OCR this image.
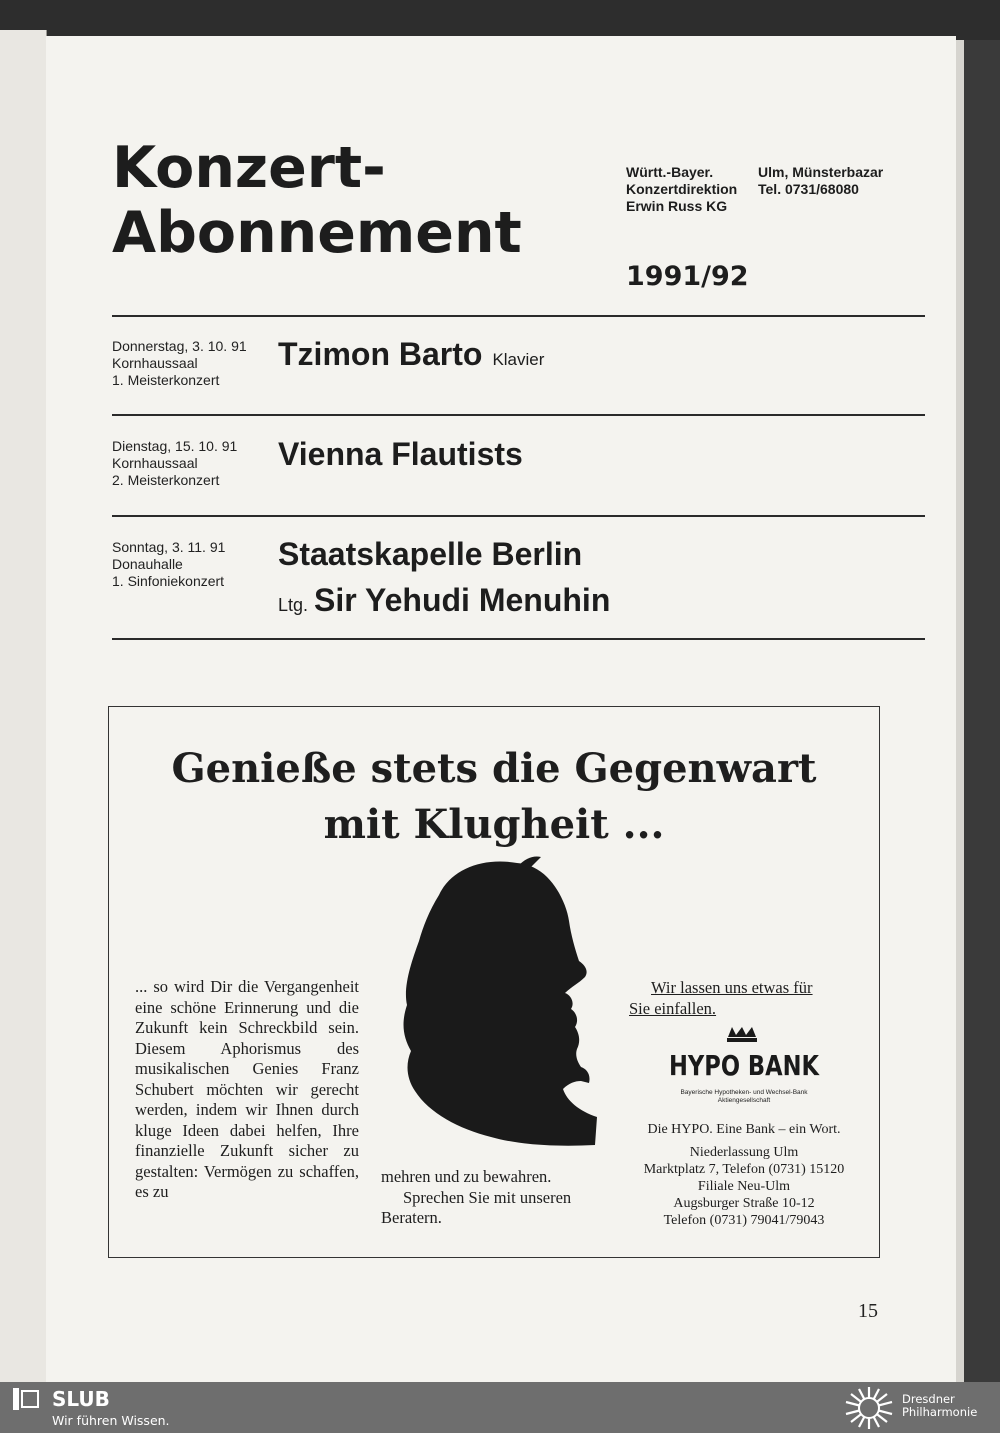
Konzert-
Abonnement
Württ.-Bayer.
Konzertdirektion
Erwin Russ KG
Ulm, Münsterbazar
Tel. 0731/68080
1991/92
Donnerstag, 3. 10. 91
Kornhaussaal
1. Meisterkonzert
Tzimon Barto Klavier
Dienstag, 15. 10. 91
Kornhaussaal
2. Meisterkonzert
Vienna Flautists
Sonntag, 3. 11. 91
Donauhalle
1. Sinfoniekonzert
Staatskapelle Berlin
Ltg. Sir Yehudi Menuhin
Genieße stets die Gegenwart
mit Klugheit ...
... so wird Dir die Vergangenheit eine schöne Erinnerung und die Zukunft kein Schreckbild sein. Diesem Aphorismus des musikalischen Genies Franz Schubert möchten wir gerecht werden, indem wir Ihnen durch kluge Ideen dabei helfen, Ihre finanzielle Zukunft sicher zu gestalten: Vermögen zu schaffen, es zu
mehren und zu bewahren.
Sprechen Sie mit unseren
Beratern.
Wir lassen uns etwas für
Sie einfallen.
HYPO BANK
Bayerische Hypotheken- und Wechsel-Bank
Aktiengesellschaft
Die HYPO. Eine Bank – ein Wort.
Niederlassung Ulm
Marktplatz 7, Telefon (0731) 15120
Filiale Neu-Ulm
Augsburger Straße 10-12
Telefon (0731) 79041/79043
15
SLUB
Wir führen Wissen.
Dresdner
Philharmonie
